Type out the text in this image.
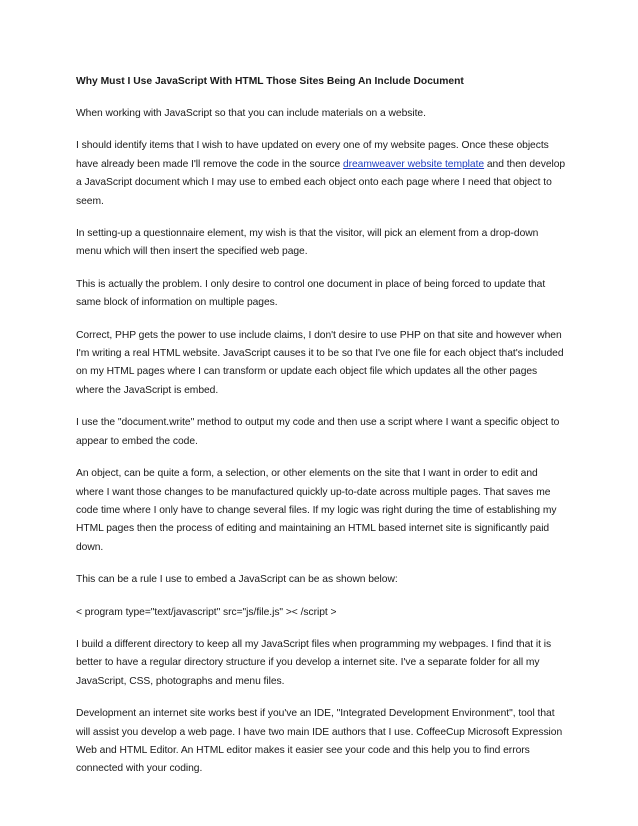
Why Must I Use JavaScript With HTML Those Sites Being An Include Document

When working with JavaScript so that you can include materials on a website.

I should identify items that I wish to have updated on every one of my website pages. Once these objects have already been made I'll remove the code in the source dreamweaver website template and then develop a JavaScript document which I may use to embed each object onto each page where I need that object to seem.

In setting-up a questionnaire element, my wish is that the visitor, will pick an element from a drop-down menu which will then insert the specified web page.

This is actually the problem. I only desire to control one document in place of being forced to update that same block of information on multiple pages.

Correct, PHP gets the power to use include claims, I don't desire to use PHP on that site and however when I'm writing a real HTML website. JavaScript causes it to be so that I've one file for each object that's included on my HTML pages where I can transform or update each object file which updates all the other pages where the JavaScript is embed.

I use the "document.write" method to output my code and then use a script where I want a specific object to appear to embed the code.

An object, can be quite a form, a selection, or other elements on the site that I want in order to edit and where I want those changes to be manufactured quickly up-to-date across multiple pages. That saves me code time where I only have to change several files. If my logic was right during the time of establishing my HTML pages then the process of editing and maintaining an HTML based internet site is significantly paid down.

This can be a rule I use to embed a JavaScript can be as shown below:

< program type="text/javascript" src="js/file.js" >< /script >

I build a different directory to keep all my JavaScript files when programming my webpages. I find that it is better to have a regular directory structure if you develop a internet site. I've a separate folder for all my JavaScript, CSS, photographs and menu files.

Development an internet site works best if you've an IDE, "Integrated Development Environment", tool that will assist you develop a web page. I have two main IDE authors that I use. CoffeeCup Microsoft Expression Web and HTML Editor. An HTML editor makes it easier see your code and this help you to find errors connected with your coding.
